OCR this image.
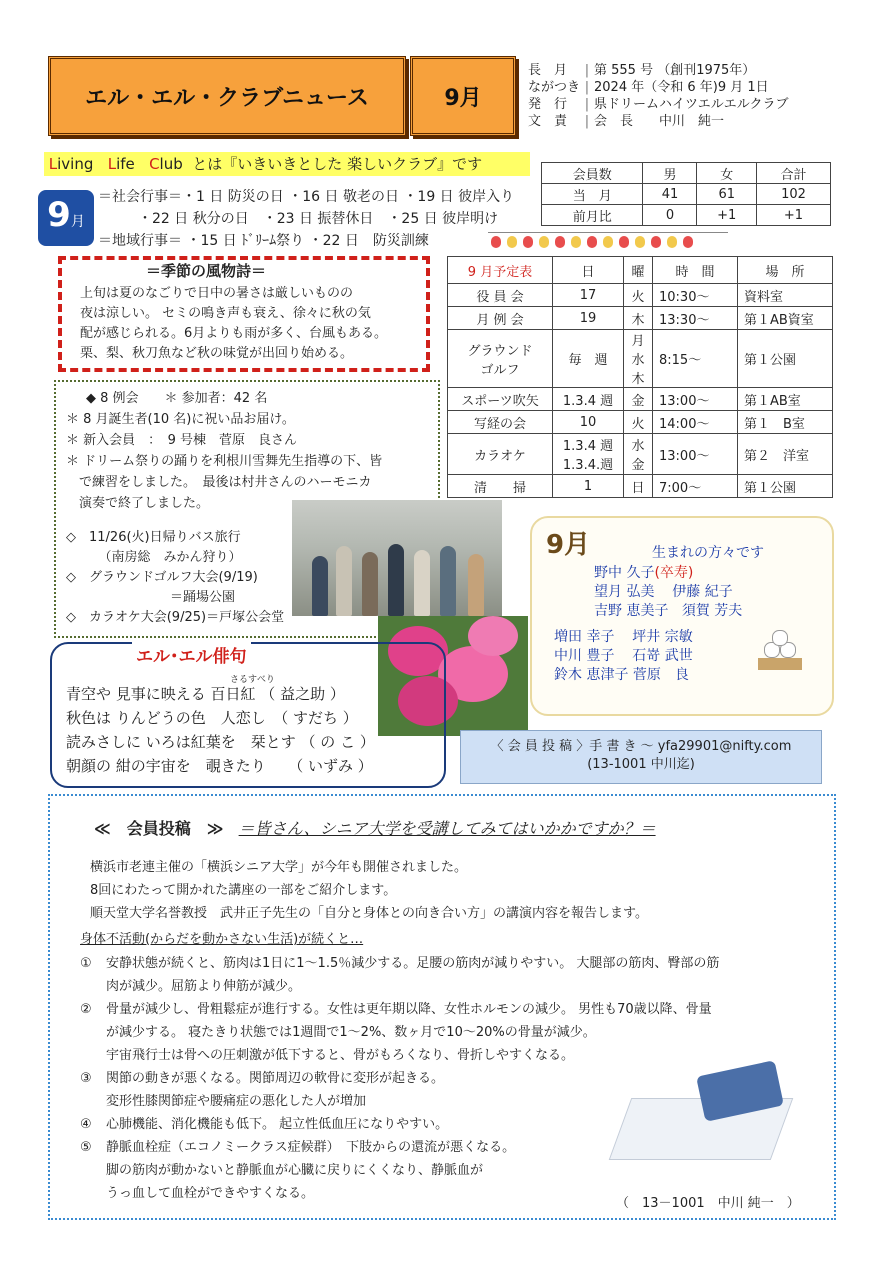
エル・エル・クラブニュース	9月
長　月 | 第 555 号 （創刊1975年）
ながつき | 2024 年（令和 6 年)9 月 1日
発　行 | 県ドリームハイツエルエルクラブ
文　責 | 会　長　　中川　純一
Living Life Club とは『いきいきとした 楽しいクラブ』です
9月
＝社会行事＝・1 日 防災の日 ・16 日 敬老の日 ・19 日 彼岸入り
・22 日 秋分の日　・23 日 振替休日　・25 日 彼岸明け
＝地域行事＝ ・15 日 ﾄﾞﾘｰﾑ祭り ・22 日　防災訓練
会員数	男	女	合計
当　月	41	61	102
前月比	0	+1	+1
＝季節の風物詩＝
上旬は夏のなごりで日中の暑さは厳しいものの
夜は涼しい。 セミの鳴き声も衰え、徐々に秋の気
配が感じられる。6月よりも雨が多く、台風もある。
栗、梨、秋刀魚など秋の味覚が出回り始める。
9 月予定表	日	曜	時　間	場　所
役 員 会	17	火	10:30～	資料室
月 例 会	19	木	13:30～	第１AB資室
グラウンド　　ゴルフ	毎　週	月水木	8:15～	第１公園
スポーツ吹矢	1.3.4 週	金	13:00～	第１AB室
写経の会	10	火	14:00～	第１　B室
カラオケ	1.3.4 週　1.3.4.週	水金	13:00～	第２　洋室
清　　掃	1	日	7:00～	第１公園
◆ 8 例会　　＊ 参加者：42 名
＊ 8 月誕生者(10 名)に祝い品お届け。
＊ 新入会員　：　9 号棟　菅原　良さん
＊ ドリーム祭りの踊りを利根川雪舞先生指導の下、皆
　で練習をしました。　最後は村井さんのハーモニカ
　演奏で終了しました。
◇　11/26(火)日帰りバス旅行
　　　（南房総　みかん狩り）
◇　グラウンドゴルフ大会(9/19)
　　　　　　　　＝踊場公園
◇　カラオケ大会(9/25)＝戸塚公会堂
9月	生まれの方々です
野中 久子(卒寿)
望月 弘美 伊藤 紀子
吉野 恵美子 須賀 芳夫
増田 幸子 坪井 宗敏
中川 豊子 石嵜 武世
鈴木 恵津子 菅原　良
エル･エル俳句
さるすべり
青空や 見事に映える 百日紅 （ 益之助 ）
秋色は りんどうの色　人恋し　（ すだち ）
読みさしに いろは紅葉を　栞とす （ の こ ）
朝顔の 紺の宇宙を　覗きたり　　（ いずみ ）
〈 会 員 投 稿 〉手 書 き ～ yfa29901@nifty.com
(13-1001 中川迄)
≪　会員投稿　≫ ＝皆さん、シニア大学を受講してみてはいかかですか？＝
横浜市老連主催の「横浜シニア大学」が今年も開催されました。
8回にわたって開かれた講座の一部をご紹介します。
順天堂大学名誉教授　武井正子先生の「自分と身体との向き合い方」の講演内容を報告します。
身体不活動(からだを動かさない生活)が続くと…
① 安静状態が続くと、筋肉は1日に1～1.5％減少する。足腰の筋肉が減りやすい。 大腿部の筋肉、臀部の筋
肉が減少。屈筋より伸筋が減少。
② 骨量が減少し、骨粗鬆症が進行する。女性は更年期以降、女性ホルモンの減少。 男性も70歳以降、骨量
が減少する。 寝たきり状態では1週間で1～2%、数ヶ月で10～20%の骨量が減少。
宇宙飛行士は骨への圧刺激が低下すると、骨がもろくなり、骨折しやすくなる。
③ 関節の動きが悪くなる。関節周辺の軟骨に変形が起きる。
変形性膝関節症や腰痛症の悪化した人が増加
④ 心肺機能、消化機能も低下。 起立性低血圧になりやすい。
⑤ 静脈血栓症（エコノミークラス症候群）　下肢からの還流が悪くなる。
脚の筋肉が動かないと静脈血が心臓に戻りにくくなり、静脈血が
うっ血して血栓ができやすくなる。
（　13－1001　中川 純一　）
